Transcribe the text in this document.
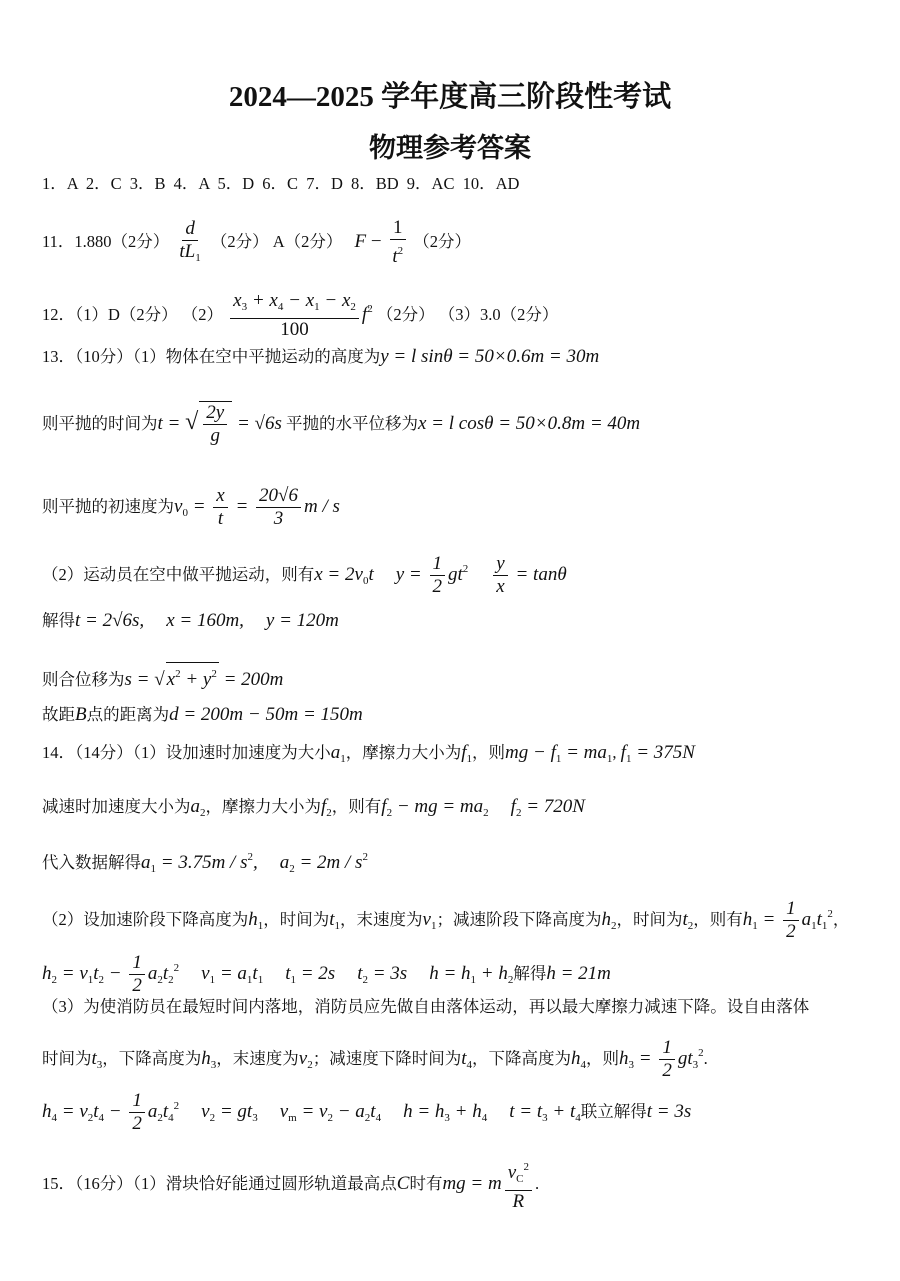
2024—2025 学年度高三阶段性考试
物理参考答案
1．A 2．C 3．B 4．A 5．D 6．C 7．D 8．BD 9．AC 10．AD
11．1.880（2分） $\frac{d}{tL_1} (2$分） A（2分） $F - \frac{1}{t^2} (2$分）
12．（1）D（2分） $(2) \frac{x_3 + x_4 - x_1 - x_2}{100} f^2$ （2分） （3）3.0（2分）
13．（10分）（1）物体在空中平抛运动的高度为y = l sinθ = 50×0.6m = 30m
则平抛的时间为t = √ $\frac{2y}{g} = √6s$ 平抛的水平位移为x = l cosθ = 50×0.8m = 40m
则平抛的初速度为$v_0 = \frac{x}{t} = \frac{20√6}{3}$ m / s
（2）运动员在空中做平抛运动，则有$x = 2v_0t$ $y = \frac{1}{2} gt^2 \frac{y}{x} = \tan\theta$
解得t = 2√6s, x = 160m, y = 120m
则合位移为s = √ $x^2 + y^2 = 200m$
故距B点的距离为d = 200m − 50m = 150m
14．（14分）（1）设加速时加速度为大小$a_1$，摩擦力大小为$f_1$，则mg − $f_1 = ma_1$, $f_1 = 375N$
减速时加速度大小为$a_2$，摩擦力大小为$f_2$，则有$f_2$ − mg = $ma_2$ $f_2 = 720N$
代入数据解得$a_1 = 3.75m / s^2$, $a_2 = 2m / s^2$
（2）设加速阶段下降高度为$h_1$，时间为$t_1$，末速度为$v_1$；减速阶段下降高度为$h_2$，时间为$t_2$，则有$h_1 = \frac{1}{2} a_1t_1^2$，
$h_2 = v_1t_2 - \frac{1}{2} a_2t_2^2$ $v_1 = a_1t_1$ $t_1 = 2s$ $t_2 = 3s$ $h = h_1 + h_2$解得h = 21m
（3）为使消防员在最短时间内落地，消防员应先做自由落体运动，再以最大摩擦力减速下降。设自由落体
时间为$t_3$，下降高度为$h_3$，末速度为$v_2$；减速度下降时间为$t_4$，下降高度为$h_4$，则$h_3 = \frac{1}{2} gt_3^2$.
$h_4 = v_2t_4 - \frac{1}{2} a_2t_4^2$ $v_2 = gt_3$ $v_m = v_2 - a_2t_4$ $h = h_3 + h_4$ $t = t_3 + t_4$联立解得t = 3s
15．（16分）（1）滑块恰好能通过圆形轨道最高点C时有mg = m $\frac{v_C^2}{R}$ .
